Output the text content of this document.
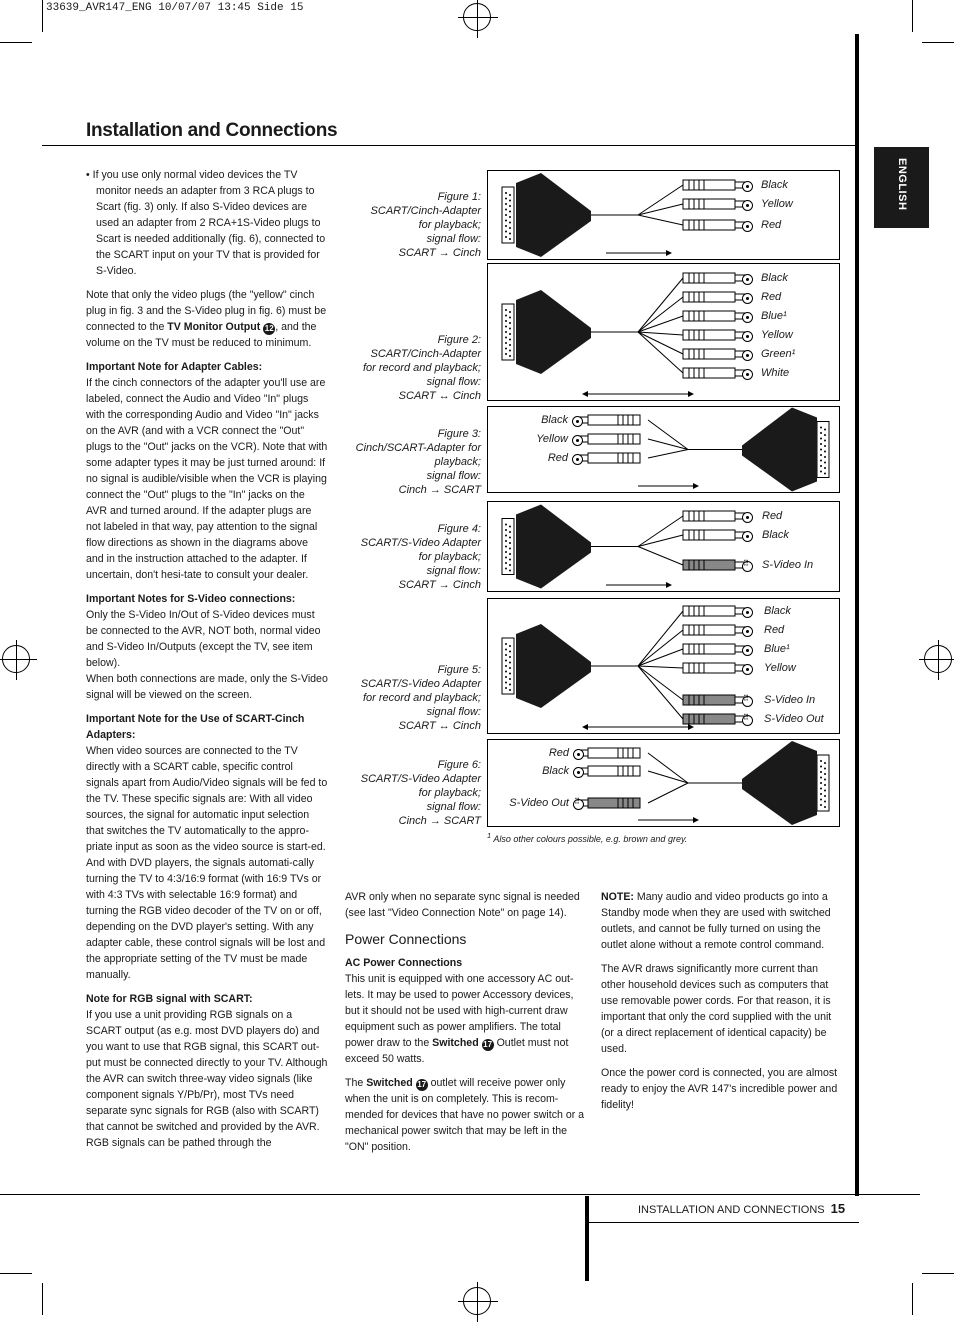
33639_AVR147_ENG 10/07/07 13:45 Side 15
Installation and Connections
ENGLISH

• If you use only normal video devices the TV monitor needs an adapter from 3 RCA plugs to Scart (fig. 3) only. If also S-Video devices are used an adapter from 2 RCA+1S-Video plugs to Scart is needed additionally (fig. 6), connected to the SCART input on your TV that is provided for S-Video.

Note that only the video plugs (the "yellow" cinch plug in fig. 3 and the S-Video plug in fig. 6) must be connected to the TV Monitor Output 12 , and the volume on the TV must be reduced to minimum.

Important Note for Adapter Cables:

If the cinch connectors of the adapter you'll use are labeled, connect the Audio and Video "In" plugs with the corresponding Audio and Video "In" jacks on the AVR (and with a VCR connect the "Out" plugs to the "Out" jacks on the VCR). Note that with some adapter types it may be just turned around: If no signal is audible/visible when the VCR is playing connect the "Out" plugs to the "In" jacks on the AVR and turned around. If the adapter plugs are not labeled in that way, pay attention to the signal flow directions as shown in the diagrams above and in the instruction attached to the adapter. If uncertain, don't hesi-tate to consult your dealer.

Important Notes for S-Video connections:
Only the S-Video In/Out of S-Video devices must be connected to the AVR, NOT both, normal video and S-Video In/Outputs (except the TV, see item below).

When both connections are made, only the S-Video signal will be viewed on the screen.

Important Note for the Use of SCART-Cinch Adapters:

When video sources are connected to the TV directly with a SCART cable, specific control signals apart from Audio/Video signals will be fed to the TV. These specific signals are: With all video sources, the signal for automatic input selection that switches the TV automatically to the appro-priate input as soon as the video source is start-ed. And with DVD players, the signals automati-cally turning the TV to 4:3/16:9 format (with 16:9 TVs or with 4:3 TVs with selectable 16:9 format) and turning the RGB video decoder of the TV on or off, depending on the DVD player's setting. With any adapter cable, these control signals will be lost and the appropriate setting of the TV must be made manually.

Note for RGB signal with SCART:

If you use a unit providing RGB signals on a SCART output (as e.g. most DVD players do) and you want to use that RGB signal, this SCART out-put must be connected directly to your TV. Although the AVR can switch three-way video signals (like component signals Y/Pb/Pr), most TVs need separate sync signals for RGB (also with SCART) that cannot be switched and provided by the AVR. RGB signals can be pathed through the

Figure 1:
SCART/Cinch-Adapter
for playback;
signal flow:
SCART → Cinch
Black
Yellow
Red
Figure 2:
SCART/Cinch-Adapter
for record and playback;
signal flow:
SCART ↔ Cinch
Black
Red
Blue¹
Yellow
Green¹
White
Figure 3:
Cinch/SCART-Adapter for
playback;
signal flow:
Cinch → SCART
Black
Yellow
Red
Figure 4:
SCART/S-Video Adapter
for playback;
signal flow:
SCART → Cinch
Red
Black
⠿
S-Video In
Figure 5:
SCART/S-Video Adapter
for record and playback;
signal flow:
SCART ↔ Cinch
Black
Red
Blue¹
Yellow
⠿
S-Video In
⠿
S-Video Out
Figure 6:
SCART/S-Video Adapter
for playback;
signal flow:
Cinch → SCART
Red
Black
⠿
S-Video Out
$^1$ Also other colours possible, e.g. brown and grey.

AVR only when no separate sync signal is needed (see last "Video Connection Note" on page 14).

Power Connections
AC Power Connections

This unit is equipped with one accessory AC out-lets. It may be used to power Accessory devices, but it should not be used with high-current draw equipment such as power amplifiers. The total power draw to the Switched 17 Outlet must not exceed 50 watts.

The Switched 17 outlet will receive power only when the unit is on completely. This is recom-mended for devices that have no power switch or a mechanical power switch that may be left in the "ON" position.

NOTE: Many audio and video products go into a Standby mode when they are used with switched outlets, and cannot be fully turned on using the outlet alone without a remote control command.

The AVR draws significantly more current than other household devices such as computers that use removable power cords. For that reason, it is important that only the cord supplied with the unit (or a direct replacement of identical capacity) be used.

Once the power cord is connected, you are almost ready to enjoy the AVR 147's incredible power and fidelity!

INSTALLATION AND CONNECTIONS 15
